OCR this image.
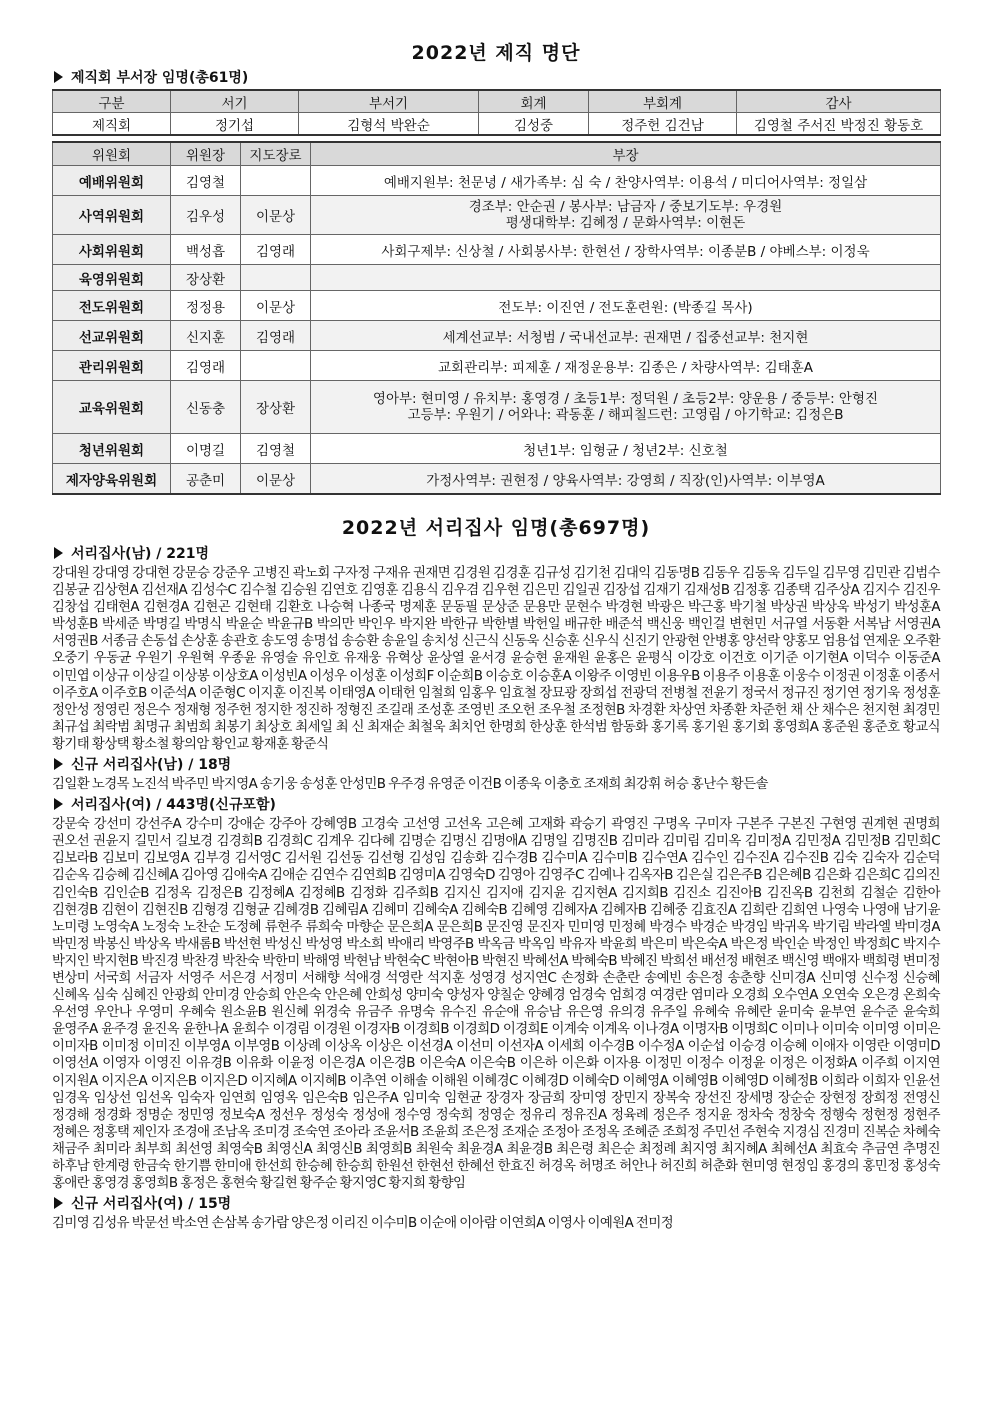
2022년 제직 명단
제직회 부서장 임명(총61명)
구분	서기	부서기	회계	부회계	감사
제직회	정기섭	김형석 박완순	김성중	정주헌 김건남	김영철 주서진 박정진 황동호
위원회	위원장	지도장로	부장
예배위원회	김영철		예배지원부: 천문녕 / 새가족부: 심 숙 / 찬양사역부: 이용석 / 미디어사역부: 정일삼
사역위원회	김우성	이문상	경조부: 안순권 / 봉사부: 남금자 / 중보기도부: 우경원
평생대학부: 김혜정 / 문화사역부: 이현돈

사회위원회	백성흡	김영래	사회구제부: 신상철 / 사회봉사부: 한현선 / 장학사역부: 이종분B / 야베스부: 이정욱
육영위원회	장상환		
전도위원회	정정용	이문상	전도부: 이진연 / 전도훈련원: (박종길 목사)
선교위원회	신지훈	김영래	세계선교부: 서청범 / 국내선교부: 권재면 / 집중선교부: 천지현
관리위원회	김영래		교회관리부: 피제훈 / 재정운용부: 김종은 / 차량사역부: 김태훈A
교육위원회	신동충	장상환	영아부: 현미영 / 유치부: 홍영경 / 초등1부: 정덕원 / 초등2부: 양운용 / 중등부: 안형진
고등부: 우원기 / 어와나: 곽동훈 / 해피칠드런: 고영림 / 아기학교: 김정은B

청년위원회	이명길	김영철	청년1부: 임형균 / 청년2부: 신호철
제자양육위원회	공춘미	이문상	가정사역부: 권현정 / 양육사역부: 강영희 / 직장(인)사역부: 이부영A
2022년 서리집사 임명(총697명)
서리집사(남) / 221명

강대원 강대영 강대현 강문승 강준우 고병진 곽노회 구자정 구재유 권재면 김경원 김경훈 김규성 김기천 김대익 김동명B 김동우 김동욱 김두일 김무영 김민관 김범수 김봉균 김상현A 김선재A 김성수C 김수철 김승원 김연호 김영훈 김용식 김우겸 김우현 김은민 김일권 김장섭 김재기 김재성B 김정홍 김종택 김주상A 김지수 김진우 김창섭 김태현A 김현경A 김현곤 김현태 김환호 나승혁 나종국 명제훈 문동필 문상준 문용만 문현수 박경현 박광은 박근홍 박기철 박상권 박상욱 박성기 박성훈A 박성훈B 박세준 박명길 박명식 박윤순 박윤규B 박의만 박인우 박지완 박한규 박한별 박헌일 배규한 배준석 백신웅 백인걸 변현민 서규열 서동환 서복남 서영권A 서영권B 서종금 손동섭 손상훈 송관호 송도영 송명섭 송승환 송윤일 송치성 신근식 신동욱 신승훈 신우식 신진기 안광현 안병홍 양선락 양홍모 엄용섭 연제운 오주환 오중기 우동균 우원기 우원혁 우종윤 유영술 유인호 유재웅 유혁상 윤상열 윤서경 윤승현 윤재원 윤홍은 윤평식 이강호 이건호 이기준 이기현A 이덕수 이동준A 이민엽 이상규 이상길 이상봉 이상호A 이성빈A 이성우 이성훈 이성희F 이순희B 이승호 이승훈A 이왕주 이영빈 이용우B 이용주 이용훈 이웅수 이정권 이정훈 이종서 이주호A 이주호B 이준석A 이준형C 이지훈 이진복 이태영A 이태헌 임철희 임홍우 임효철 장묘광 장희섭 전광덕 전병철 전윤기 정국서 정규진 정기연 정기욱 정성훈 정안성 정영린 정은수 정재형 정주헌 정지한 정진하 정형진 조길래 조성훈 조영빈 조오헌 조우철 조정현B 차경환 차상연 차종환 차준헌 채 산 채수은 천지현 최경민 최규섭 최락범 최명규 최범희 최봉기 최상호 최세일 최 신 최재순 최철욱 최치언 한명희 한상훈 한석범 함동화 홍기록 홍기원 홍기회 홍영희A 홍준원 홍준호 황교식 황기태 황상택 황소철 황의암 황인교 황재훈 황준식

신규 서리집사(남) / 18명

김일환 노경목 노진석 박주민 박지영A 송기웅 송성훈 안성민B 우주경 유영준 이건B 이종욱 이충호 조재희 최강휘 허승 홍난수 황든솔

서리집사(여) / 443명(신규포함)

강문숙 강선미 강선주A 강수미 강애순 강주아 강혜영B 고경숙 고선영 고선옥 고은혜 고재화 곽승기 곽영진 구명옥 구미자 구본주 구본진 구현영 권계현 권명희 권오선 권윤지 길민서 길보경 김경희B 김경희C 김계우 김다혜 김명순 김명신 김명애A 김명일 김명진B 김미라 김미림 김미옥 김미정A 김민정A 김민정B 김민희C 김보라B 김보미 김보영A 김부경 김서영C 김서원 김선동 김선형 김성임 김송화 김수경B 김수미A 김수미B 김수연A 김수인 김수진A 김수진B 김숙 김숙자 김순덕 김순옥 김승혜 김신혜A 김아영 김애숙A 김애순 김연수 김연희B 김영미A 김영숙D 김영아 김영주C 김예나 김옥자B 김은실 김은주B 김은혜B 김은화 김은희C 김의진 김인숙B 김인순B 김정옥 김정은B 김정혜A 김정혜B 김정화 김주희B 김지신 김지애 김지윤 김지현A 김지희B 김진소 김진아B 김진옥B 김천희 김철순 김한아 김현경B 김현이 김현진B 김형경 김형균 김혜경B 김혜림A 김혜미 김혜숙A 김혜숙B 김혜영 김혜자A 김혜자B 김혜중 김효진A 김희란 김희연 나영숙 나영애 남기윤 노미령 노영숙A 노정숙 노찬순 도정혜 류현주 류희숙 마향순 문은희A 문은희B 문진영 문진자 민미영 민정혜 박경수 박경순 박경임 박귀옥 박기림 박라엘 박미경A 박민정 박봉신 박상옥 박새롬B 박선현 박성신 박성영 박소희 박애리 박영주B 박옥금 박옥임 박유자 박윤희 박은미 박은숙A 박은정 박인순 박정인 박정희C 박지수 박지인 박지현B 박진경 박찬경 박찬숙 박한미 박해영 박현남 박현숙C 박현아B 박현진 박혜선A 박혜숙B 박혜진 박희선 배선정 배현조 백신영 백애자 백희령 변미정 변상미 서국희 서금자 서영주 서은경 서정미 서해향 석애경 석영란 석지훈 성영경 성지연C 손정화 손춘란 송예빈 송은정 송춘향 신미경A 신미영 신수정 신승혜 신혜옥 심숙 심혜진 안광희 안미경 안승희 안은숙 안은혜 안희성 양미숙 양성자 양칠순 양혜경 엄경숙 엄희경 여경란 염미라 오경희 오수연A 오연숙 오은경 온희숙 우선영 우안나 우영미 우혜숙 원소윤B 원신혜 위경숙 유금주 유명숙 유수진 유순애 유승남 유은영 유의경 유주일 유혜숙 유혜란 윤미숙 윤부연 윤수준 윤숙희 윤영주A 윤주경 윤진옥 윤한나A 윤희수 이경림 이경원 이경자B 이경희B 이경희D 이경희E 이계숙 이계옥 이나경A 이명자B 이명희C 이미나 이미숙 이미영 이미은 이미자B 이미정 이미진 이부영A 이부영B 이상례 이상옥 이상은 이선경A 이선미 이선자A 이세희 이수경B 이수정A 이순섭 이승경 이승혜 이애자 이영란 이영미D 이영선A 이영자 이영진 이유경B 이유화 이윤정 이은경A 이은경B 이은숙A 이은숙B 이은하 이은화 이자용 이정민 이정수 이정윤 이정은 이정화A 이주희 이지연 이지원A 이지은A 이지은B 이지은D 이지혜A 이지혜B 이추연 이해솔 이해원 이혜경C 이혜경D 이혜숙D 이혜영A 이혜영B 이혜영D 이혜정B 이희라 이희자 인윤선 임경옥 임상선 임선옥 임숙자 임연희 임영옥 임은숙B 임은주A 임미숙 임현균 장경자 장금희 장미영 장민지 장복숙 장선진 장세명 장순순 장현정 장희정 전영신 정경해 정경화 정명순 정민영 정보숙A 정선우 정성숙 정성애 정수영 정숙희 정영순 정유리 정유진A 정육례 정은주 정지윤 정차숙 정창숙 정행숙 정현정 정현주 정혜은 정홍택 제인자 조경애 조남옥 조미경 조숙연 조아라 조윤서B 조윤희 조은정 조재순 조정아 조정옥 조혜준 조희정 주민선 주현숙 지경심 진경미 진복순 차혜숙 채금주 최미라 최부희 최선영 최영숙B 최영신A 최영신B 최영희B 최원숙 최윤경A 최윤경B 최은령 최은순 최정례 최지영 최지혜A 최혜선A 최효숙 추금연 추명진 하후남 한계령 한금숙 한기쁨 한미애 한선희 한승혜 한승희 한원선 한현선 한혜선 한효진 허경옥 허명조 허안나 허진희 허춘화 현미영 현정임 홍경의 홍민정 홍성숙 홍애란 홍영경 홍영희B 홍정은 홍현숙 황길현 황주순 황지영C 황지희 황향임

신규 서리집사(여) / 15명

김미영 김성유 박문선 박소연 손삼복 송가람 양은정 이리진 이수미B 이순애 이아람 이연희A 이영사 이예원A 전미정
